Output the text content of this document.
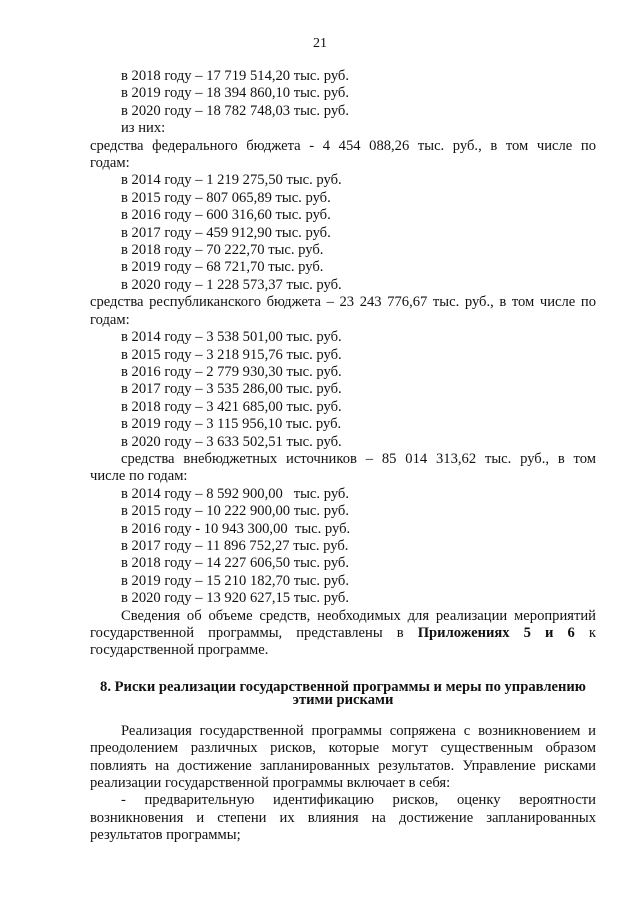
21
в 2018 году – 17 719 514,20 тыс. руб.
в 2019 году – 18 394 860,10 тыс. руб.
в 2020 году – 18 782 748,03 тыс. руб.
из них:
средства федерального бюджета - 4 454 088,26 тыс. руб., в том числе по
годам:
в 2014 году – 1 219 275,50 тыс. руб.
в 2015 году – 807 065,89 тыс. руб.
в 2016 году – 600 316,60 тыс. руб.
в 2017 году – 459 912,90 тыс. руб.
в 2018 году – 70 222,70 тыс. руб.
в 2019 году – 68 721,70 тыс. руб.
в 2020 году – 1 228 573,37 тыс. руб.
средства республиканского бюджета – 23 243 776,67 тыс. руб., в том числе по
годам:
в 2014 году – 3 538 501,00 тыс. руб.
в 2015 году – 3 218 915,76 тыс. руб.
в 2016 году – 2 779 930,30 тыс. руб.
в 2017 году – 3 535 286,00 тыс. руб.
в 2018 году – 3 421 685,00 тыс. руб.
в 2019 году – 3 115 956,10 тыс. руб.
в 2020 году – 3 633 502,51 тыс. руб.
средства внебюджетных источников – 85 014 313,62 тыс. руб., в том
числе по годам:
в 2014 году – 8 592 900,00   тыс. руб.
в 2015 году – 10 222 900,00 тыс. руб.
в 2016 году - 10 943 300,00  тыс. руб.
в 2017 году – 11 896 752,27 тыс. руб.
в 2018 году – 14 227 606,50 тыс. руб.
в 2019 году – 15 210 182,70 тыс. руб.
в 2020 году – 13 920 627,15 тыс. руб.
Сведения об объеме средств, необходимых для реализации мероприятий государственной программы, представлены в Приложениях 5 и 6 к государственной программе.
8. Риски реализации государственной программы и меры по управлению
этими рисками
Реализация государственной программы сопряжена с возникновением и преодолением различных рисков, которые могут существенным образом повлиять на достижение запланированных результатов. Управление рисками реализации государственной программы включает в себя:
- предварительную идентификацию рисков, оценку вероятности возникновения и степени их влияния на достижение запланированных результатов программы;
